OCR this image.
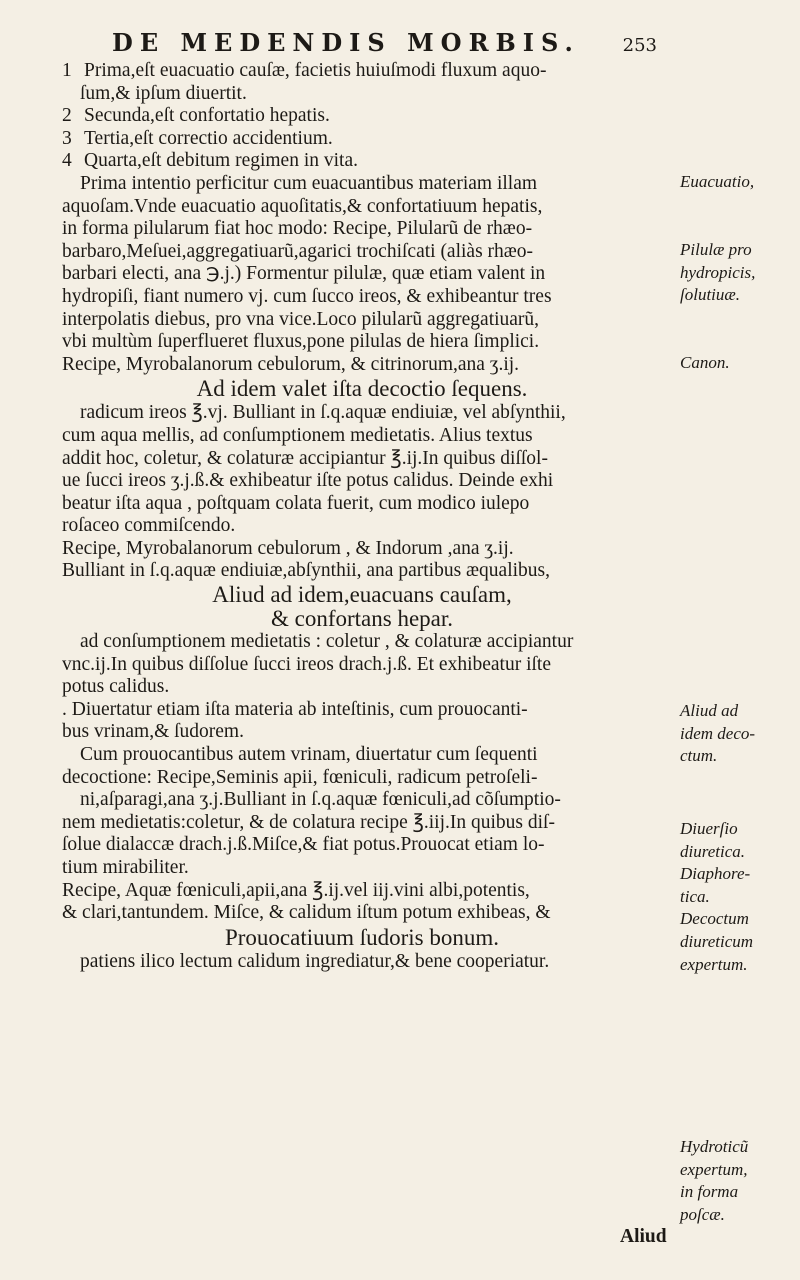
DE MEDENDIS MORBIS. 253
1 Prima,eſt euacuatio cauſæ, facietis huiuſmodi fluxum aquo-
ſum,& ipſum diuertit.
2 Secunda,eſt confortatio hepatis.
3 Tertia,eſt correctio accidentium.
4 Quarta,eſt debitum regimen in vita.
Prima intentio perficitur cum euacuantibus materiam illam
aquoſam.Vnde euacuatio aquoſitatis,& confortatiuum hepatis,
in forma pilularum fiat hoc modo: Recipe, Pilularũ de rhæo-
barbaro,Meſuei,aggregatiuarũ,agarici trochiſcati (aliàs rhæo-
barbari electi, ana ℈.j.) Formentur pilulæ, quæ etiam valent in
hydropiſi, fiant numero vj. cum ſucco ireos, & exhibeantur tres
interpolatis diebus, pro vna vice.Loco pilularũ aggregatiuarũ,
vbi multùm ſuperflueret fluxus,pone pilulas de hiera ſimplici.
Recipe, Myrobalanorum cebulorum, & citrinorum,ana ʒ.ij.
Ad idem valet iſta decoctio ſequens.
radicum ireos ℥.vj. Bulliant in ſ.q.aquæ endiuiæ, vel abſynthii,
cum aqua mellis, ad conſumptionem medietatis. Alius textus
addit hoc, coletur, & colaturæ accipiantur ℥.ij.In quibus diſſol-
ue ſucci ireos ʒ.j.ß.& exhibeatur iſte potus calidus. Deinde exhi
beatur iſta aqua , poſtquam colata fuerit, cum modico iulepo
roſaceo commiſcendo.
Recipe, Myrobalanorum cebulorum , & Indorum ,ana ʒ.ij.
Bulliant in ſ.q.aquæ endiuiæ,abſynthii, ana partibus æqualibus,
Aliud ad idem,euacuans cauſam,
& confortans hepar.
ad conſumptionem medietatis : coletur , & colaturæ accipiantur
vnc.ij.In quibus diſſolue ſucci ireos drach.j.ß. Et exhibeatur iſte
potus calidus.
. Diuertatur etiam iſta materia ab inteſtinis, cum prouocanti-
bus vrinam,& ſudorem.
Cum prouocantibus autem vrinam, diuertatur cum ſequenti
decoctione: Recipe,Seminis apii, fœniculi, radicum petroſeli-
ni,aſparagi,ana ʒ.j.Bulliant in ſ.q.aquæ fœniculi,ad cõſumptio-
nem medietatis:coletur, & de colatura recipe ℥.iij.In quibus diſ-
ſolue dialaccæ drach.j.ß.Miſce,& fiat potus.Prouocat etiam lo-
tium mirabiliter.
Recipe, Aquæ fœniculi,apii,ana ℥.ij.vel iij.vini albi,potentis,
& clari,tantundem. Miſce, & calidum iſtum potum exhibeas, &
Prouocatiuum ſudoris bonum.
patiens ilico lectum calidum ingrediatur,& bene cooperiatur.
Euacuatio,
Pilulæ pro
hydropicis,
ſolutiuæ.
Canon.
Aliud ad
idem deco-
ctum.
Diuerſio
diuretica.
Diaphore-
tica.
Decoctum
diureticum
expertum.
Hydroticũ
expertum,
in forma
poſcæ.
Aliud
